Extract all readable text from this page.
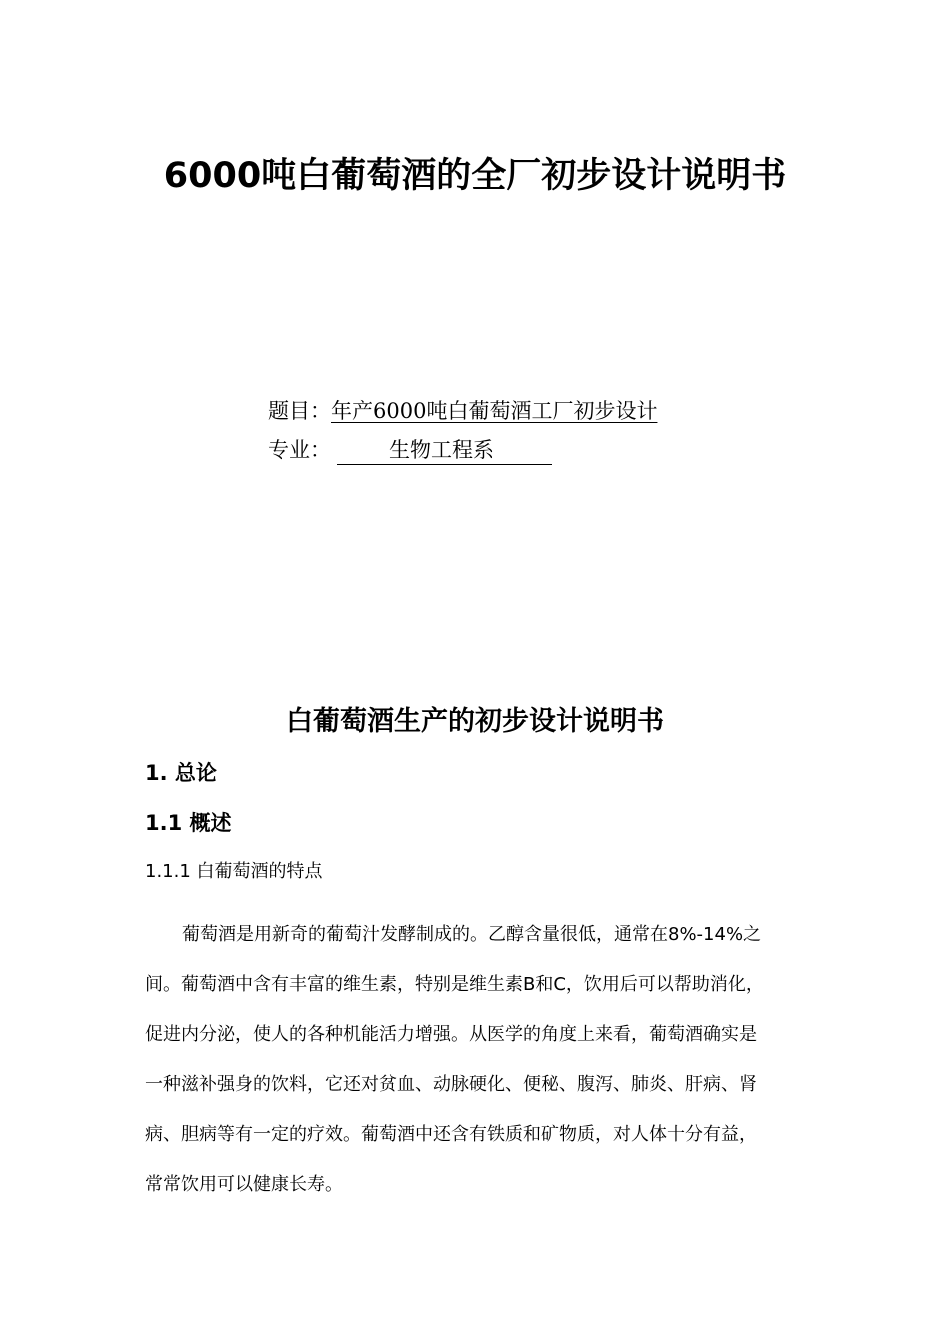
6000吨白葡萄酒的全厂初步设计说明书
题目：年产6000吨白葡萄酒工厂初步设计
专业：	生物工程系
白葡萄酒生产的初步设计说明书
1. 总论
1.1 概述
1.1.1 白葡萄酒的特点
葡萄酒是用新奇的葡萄汁发酵制成的。乙醇含量很低，通常在8%-14%之
间。葡萄酒中含有丰富的维生素，特别是维生素B和C，饮用后可以帮助消化，
促进内分泌，使人的各种机能活力增强。从医学的角度上来看，葡萄酒确实是
一种滋补强身的饮料，它还对贫血、动脉硬化、便秘、腹泻、肺炎、肝病、肾
病、胆病等有一定的疗效。葡萄酒中还含有铁质和矿物质，对人体十分有益，
常常饮用可以健康长寿。
